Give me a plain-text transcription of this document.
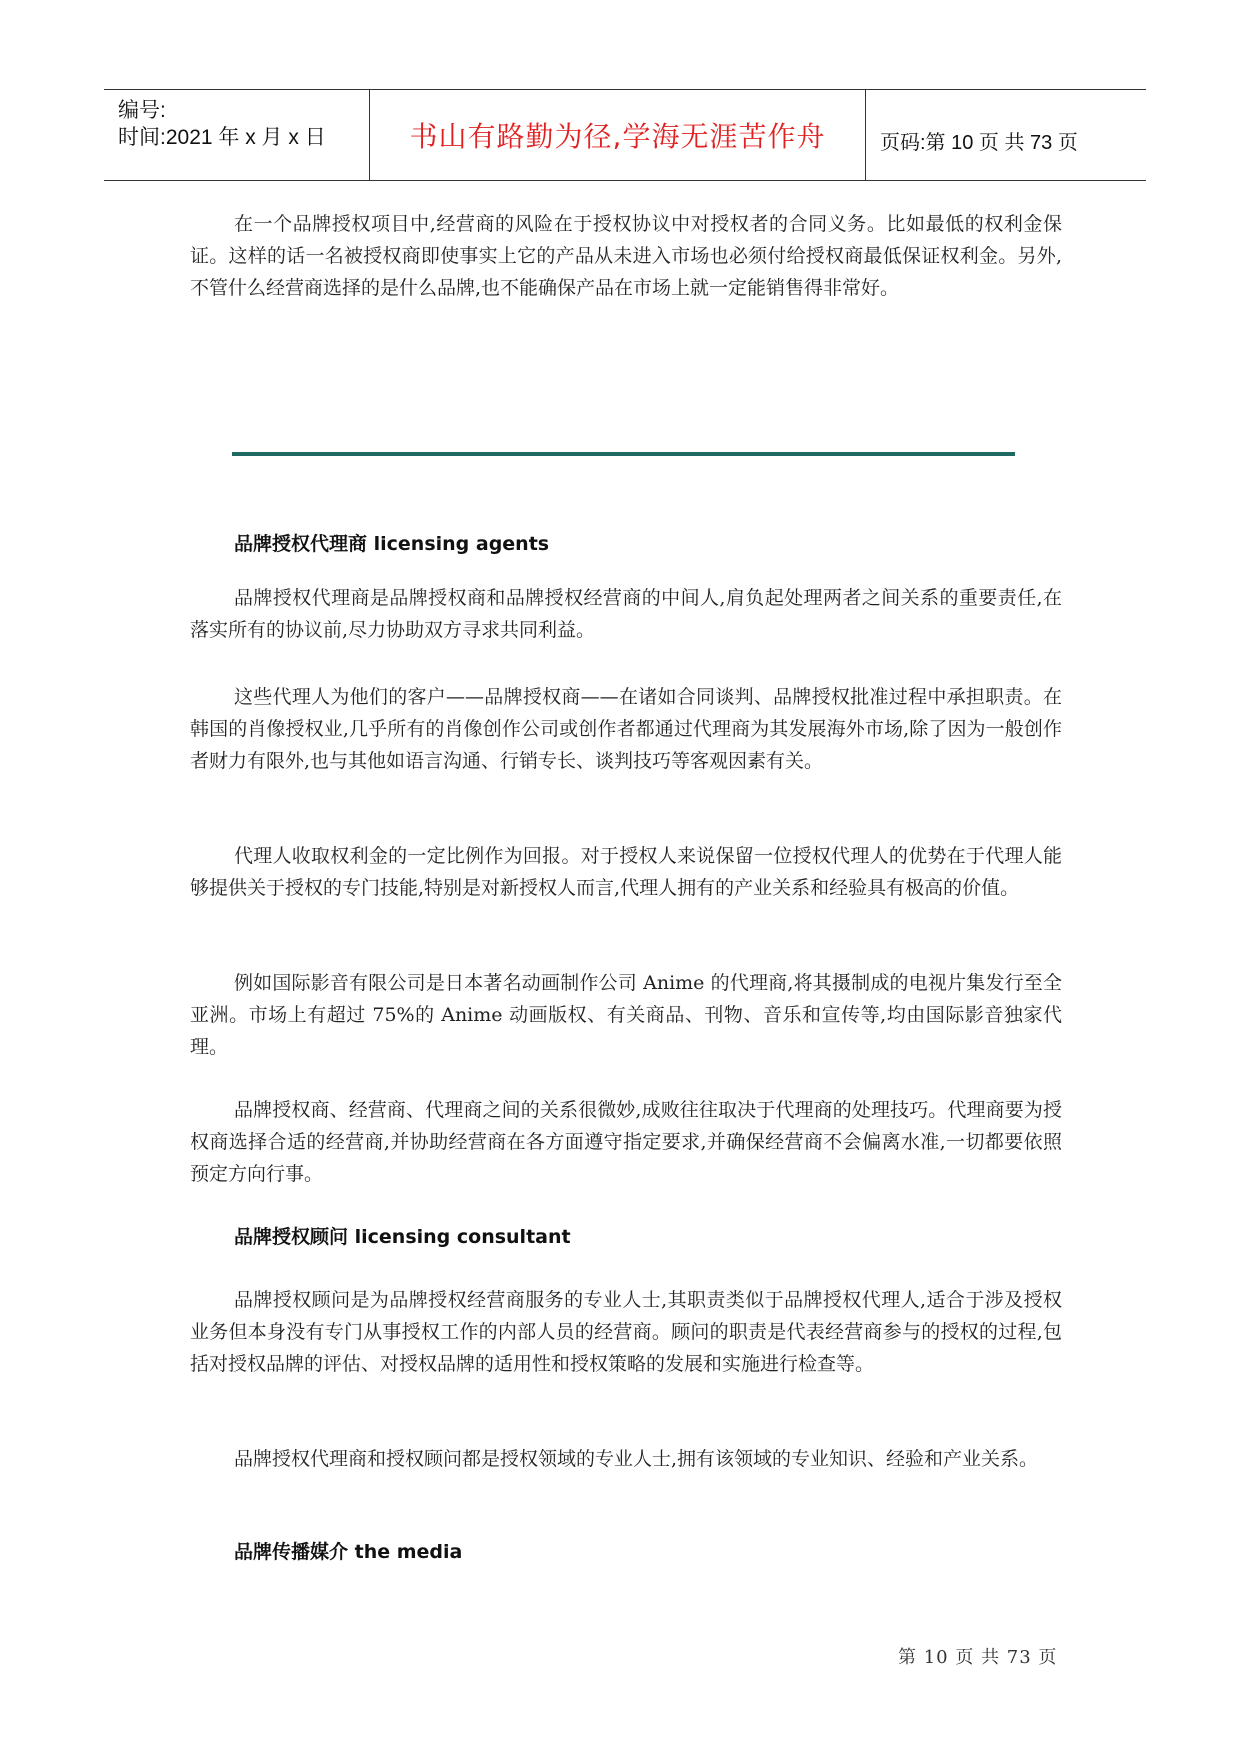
编号:
时间:2021 年 x 月 x 日	书山有路勤为径,学海无涯苦作舟	页码:第 10 页 共 73 页
在一个品牌授权项目中,经营商的风险在于授权协议中对授权者的合同义务。比如最低的权利金保证。这样的话一名被授权商即使事实上它的产品从未进入市场也必须付给授权商最低保证权利金。另外,不管什么经营商选择的是什么品牌,也不能确保产品在市场上就一定能销售得非常好。
品牌授权代理商 licensing agents
品牌授权代理商是品牌授权商和品牌授权经营商的中间人,肩负起处理两者之间关系的重要责任,在落实所有的协议前,尽力协助双方寻求共同利益。
这些代理人为他们的客户——品牌授权商——在诸如合同谈判、品牌授权批准过程中承担职责。在韩国的肖像授权业,几乎所有的肖像创作公司或创作者都通过代理商为其发展海外市场,除了因为一般创作者财力有限外,也与其他如语言沟通、行销专长、谈判技巧等客观因素有关。
代理人收取权利金的一定比例作为回报。对于授权人来说保留一位授权代理人的优势在于代理人能够提供关于授权的专门技能,特别是对新授权人而言,代理人拥有的产业关系和经验具有极高的价值。
例如国际影音有限公司是日本著名动画制作公司 Anime 的代理商,将其摄制成的电视片集发行至全亚洲。市场上有超过 75%的 Anime 动画版权、有关商品、刊物、音乐和宣传等,均由国际影音独家代理。
品牌授权商、经营商、代理商之间的关系很微妙,成败往往取决于代理商的处理技巧。代理商要为授权商选择合适的经营商,并协助经营商在各方面遵守指定要求,并确保经营商不会偏离水准,一切都要依照预定方向行事。
品牌授权顾问 licensing consultant
品牌授权顾问是为品牌授权经营商服务的专业人士,其职责类似于品牌授权代理人,适合于涉及授权业务但本身没有专门从事授权工作的内部人员的经营商。顾问的职责是代表经营商参与的授权的过程,包括对授权品牌的评估、对授权品牌的适用性和授权策略的发展和实施进行检查等。
品牌授权代理商和授权顾问都是授权领域的专业人士,拥有该领域的专业知识、经验和产业关系。
品牌传播媒介 the media
第 10 页 共 73 页
